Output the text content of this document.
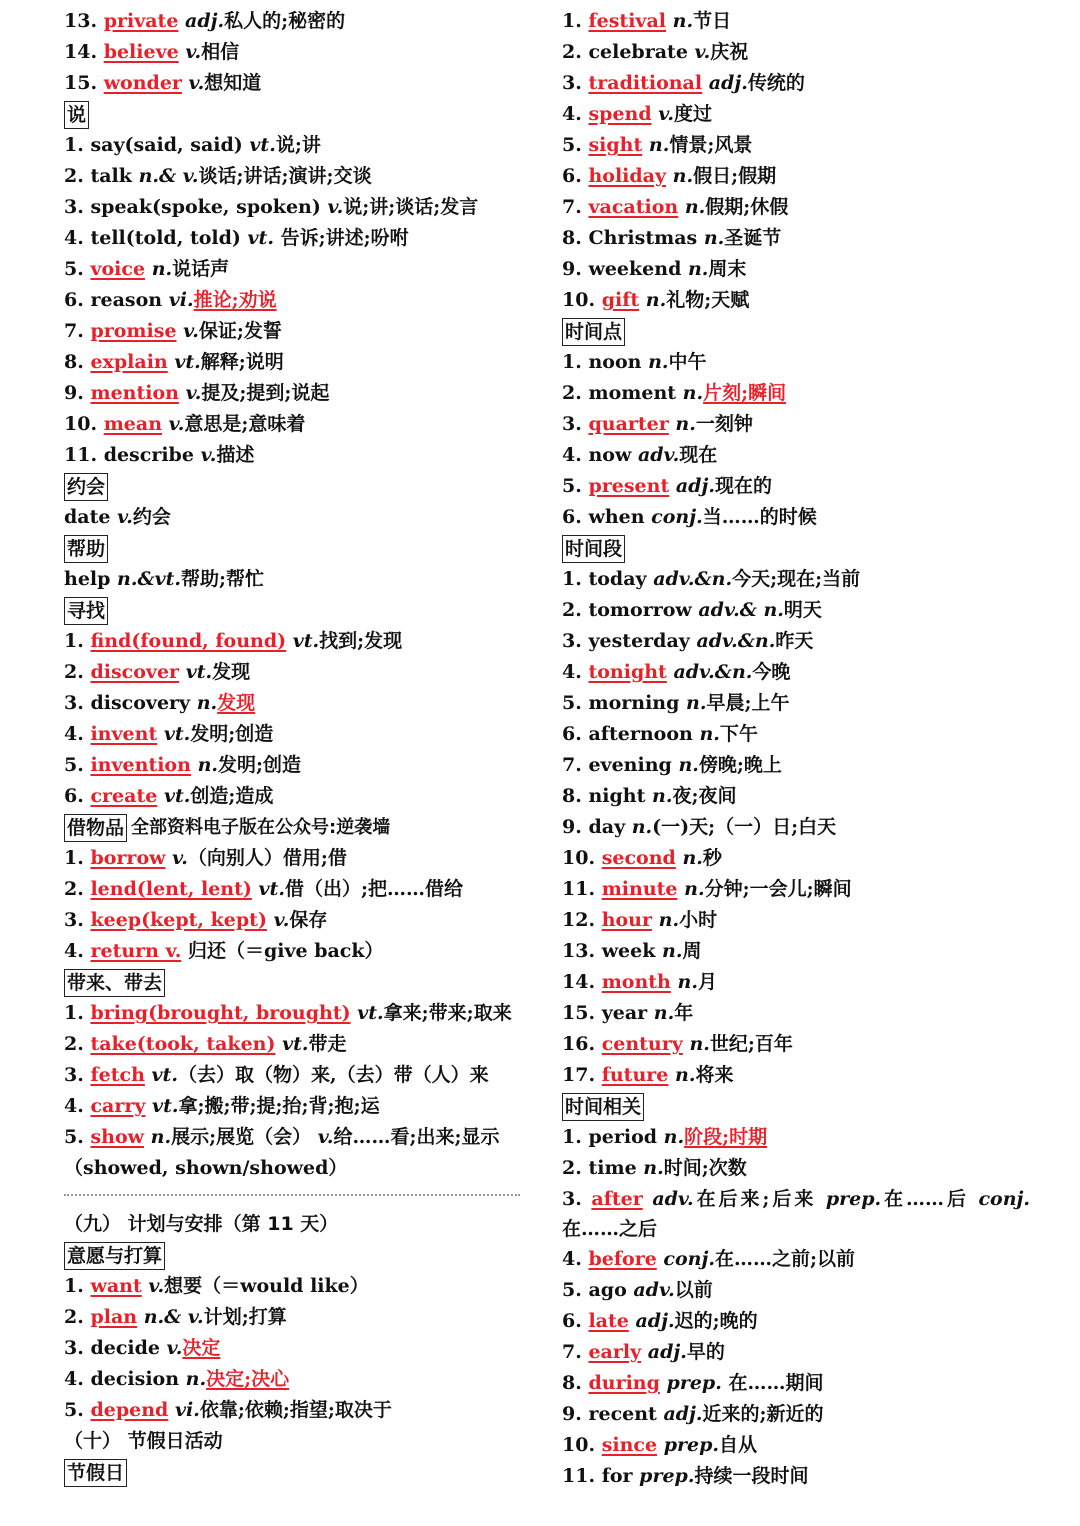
13. private adj.私人的;秘密的
14. believe v.相信
15. wonder v.想知道
说
1. say(said, said) vt.说;讲
2. talk n.& v.谈话;讲话;演讲;交谈
3. speak(spoke, spoken) v.说;讲;谈话;发言
4. tell(told, told) vt. 告诉;讲述;吩咐
5. voice n.说话声
6. reason vi.推论;劝说
7. promise v.保证;发誓
8. explain vt.解释;说明
9. mention v.提及;提到;说起
10. mean v.意思是;意味着
11. describe v.描述
约会
date v.约会
帮助
help n.&vt.帮助;帮忙
寻找
1. find(found, found) vt.找到;发现
2. discover vt.发现
3. discovery n.发现
4. invent vt.发明;创造
5. invention n.发明;创造
6. create vt.创造;造成
借物品 全部资料电子版在公众号:逆袭墙
1. borrow v.（向别人）借用;借
2. lend(lent, lent) vt.借（出）;把……借给
3. keep(kept, kept) v.保存
4. return v. 归还（＝give back）
带来、带去
1. bring(brought, brought) vt.拿来;带来;取来
2. take(took, taken) vt.带走
3. fetch vt.（去）取（物）来,（去）带（人）来
4. carry vt.拿;搬;带;提;抬;背;抱;运
5. show n.展示;展览（会） v.给……看;出来;显示
（showed, shown/showed）
（九） 计划与安排（第 11 天）
意愿与打算
1. want v.想要（＝would like）
2. plan n.& v.计划;打算
3. decide v.决定
4. decision n.决定;决心
5. depend vi.依靠;依赖;指望;取决于
（十） 节假日活动
节假日
1. festival n.节日
2. celebrate v.庆祝
3. traditional adj.传统的
4. spend v.度过
5. sight n.情景;风景
6. holiday n.假日;假期
7. vacation n.假期;休假
8. Christmas n.圣诞节
9. weekend n.周末
10. gift n.礼物;天赋
时间点
1. noon n.中午
2. moment n.片刻;瞬间
3. quarter n.一刻钟
4. now adv.现在
5. present adj.现在的
6. when conj.当……的时候
时间段
1. today adv.&n.今天;现在;当前
2. tomorrow adv.& n.明天
3. yesterday adv.&n.昨天
4. tonight adv.&n.今晚
5. morning n.早晨;上午
6. afternoon n.下午
7. evening n.傍晚;晚上
8. night n.夜;夜间
9. day n.(一)天;（一）日;白天
10. second n.秒
11. minute n.分钟;一会儿;瞬间
12. hour n.小时
13. week n.周
14. month n.月
15. year n.年
16. century n.世纪;百年
17. future n.将来
时间相关
1. period n.阶段;时期
2. time n.时间;次数
3. after adv.在后来;后来 prep.在……后 conj. 在……之后
4. before conj.在……之前;以前
5. ago adv.以前
6. late adj.迟的;晚的
7. early adj.早的
8. during prep. 在……期间
9. recent adj.近来的;新近的
10. since prep.自从
11. for prep.持续一段时间
